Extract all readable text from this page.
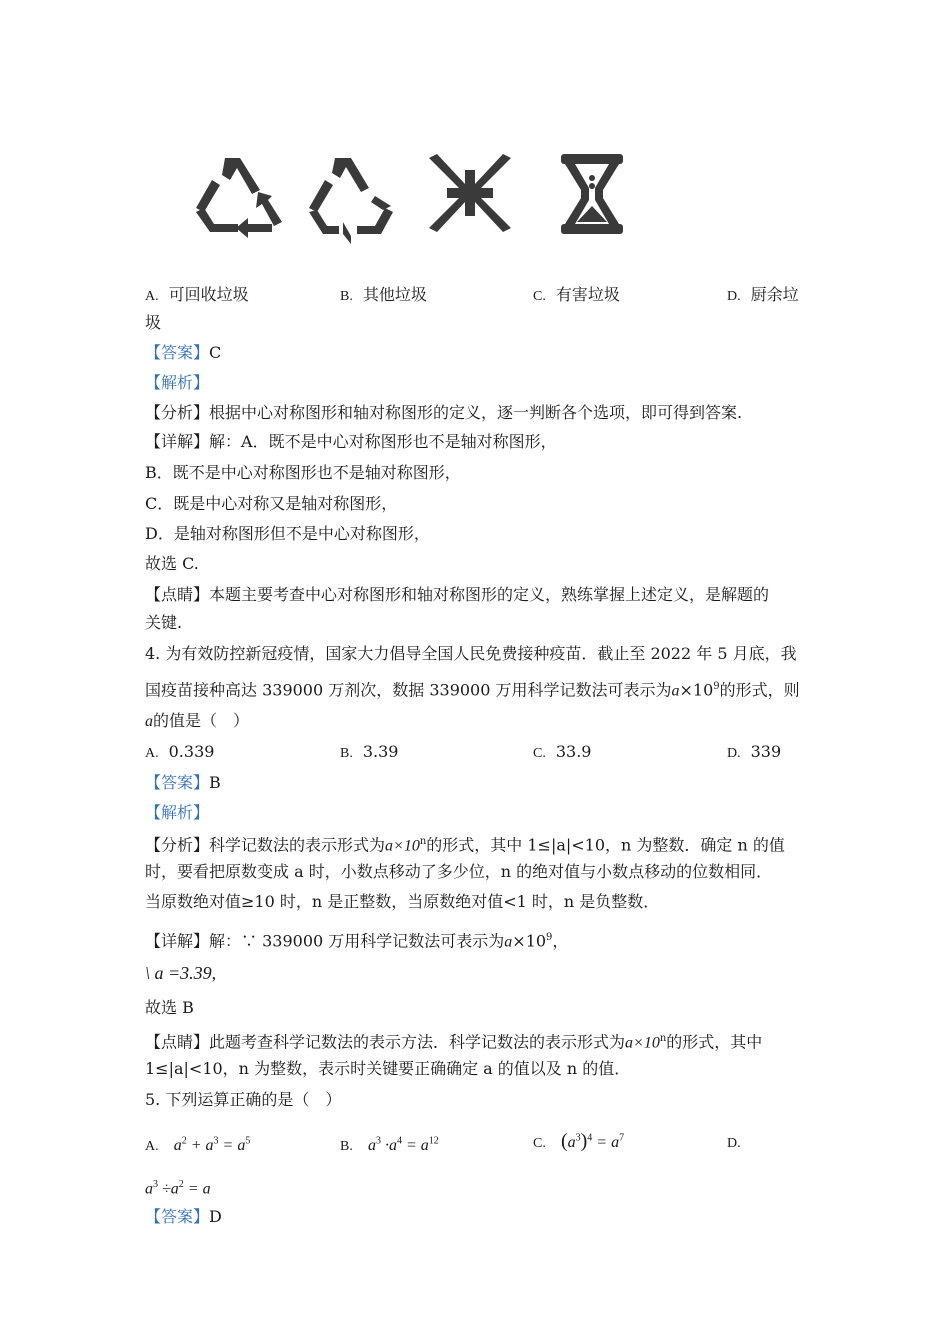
A. 可回收垃圾	B. 其他垃圾	C. 有害垃圾	D. 厨余垃
圾
【答案】C
【解析】
【分析】根据中心对称图形和轴对称图形的定义，逐一判断各个选项，即可得到答案.
【详解】解：A．既不是中心对称图形也不是轴对称图形，
B．既不是中心对称图形也不是轴对称图形，
C．既是中心对称又是轴对称图形，
D．是轴对称图形但不是中心对称图形，
故选 C.
【点睛】本题主要考查中心对称图形和轴对称图形的定义，熟练掌握上述定义，是解题的
关键.
4. 为有效防控新冠疫情，国家大力倡导全国人民免费接种疫苗．截止至 2022 年 5 月底，我
国疫苗接种高达 339000 万剂次，数据 339000 万用科学记数法可表示为$a\times 10^9$的形式，则
a的值是（　）
A. 0.339	B. 3.39	C. 33.9	D. 339
【答案】B
【解析】
【分析】科学记数法的表示形式为$a\times 10^n$的形式，其中 1≤|a|<10，n 为整数．确定 n 的值
时，要看把原数变成 a 时，小数点移动了多少位，n 的绝对值与小数点移动的位数相同．
当原数绝对值≥10 时，n 是正整数，当原数绝对值<1 时，n 是负整数．
【详解】解：∵ 339000 万用科学记数法可表示为$a\times 10^9$，
\ a =3.39,
故选 B
【点睛】此题考查科学记数法的表示方法．科学记数法的表示形式为$a\times 10^n$的形式，其中
1≤|a|<10，n 为整数，表示时关键要正确确定 a 的值以及 n 的值．
5. 下列运算正确的是（　）
A. $a^2 + a^3 = a^5$	B. $a^3 \cdot a^4 = a^{12}$	C. $(a^3)^4 = a^7$	D.
$a^3 \div a^2 = a$
【答案】D
